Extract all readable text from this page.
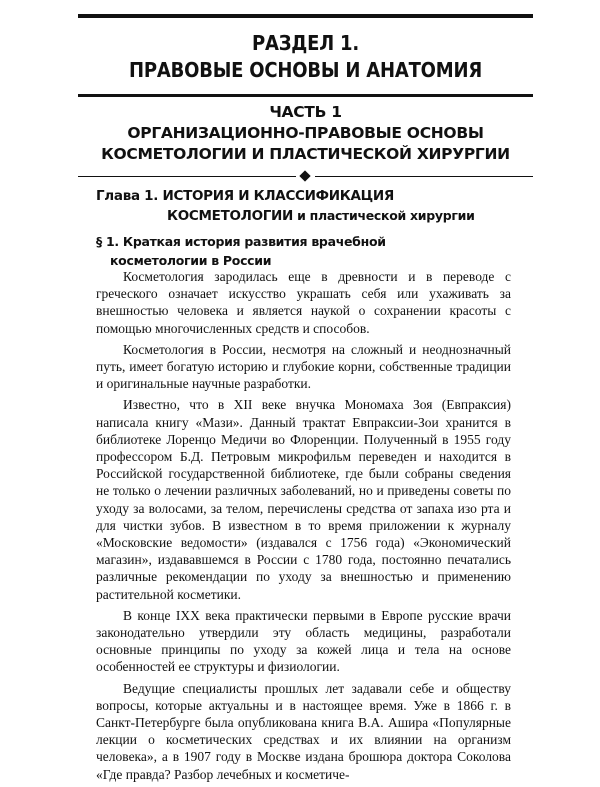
РАЗДЕЛ 1.
ПРАВОВЫЕ ОСНОВЫ И АНАТОМИЯ
ЧАСТЬ 1
ОРГАНИЗАЦИОННО-ПРАВОВЫЕ ОСНОВЫ
КОСМЕТОЛОГИИ И ПЛАСТИЧЕСКОЙ ХИРУРГИИ
Глава 1. ИСТОРИЯ И КЛАССИФИКАЦИЯ
КОСМЕТОЛОГИИ и пластической хирургии
§ 1. Краткая история развития врачебной
косметологии в России

Косметология зародилась еще в древности и в переводе с греческого означает искусство украшать себя или ухаживать за внешностью человека и является наукой о сохранении красоты с помощью многочисленных средств и способов.

Косметология в России, несмотря на сложный и неоднозначный путь, имеет богатую историю и глубокие корни, собственные традиции и оригинальные научные разработки.

Известно, что в XII веке внучка Мономаха Зоя (Евпраксия) написала книгу «Мази». Данный трактат Евпраксии-Зои хранится в библиотеке Лоренцо Медичи во Флоренции. Полученный в 1955 году профессором Б.Д. Петровым микрофильм переведен и находится в Российской государственной библиотеке, где были собраны сведения не только о лечении различных заболеваний, но и приведены советы по уходу за волосами, за телом, перечислены средства от запаха изо рта и для чистки зубов. В известном в то время приложении к журналу «Московские ведомости» (издавался с 1756 года) «Экономический магазин», издававшемся в России с 1780 года, постоянно печатались различные рекомендации по уходу за внешностью и применению растительной косметики.

В конце IXX века практически первыми в Европе русские врачи законодательно утвердили эту область медицины, разработали основные принципы по уходу за кожей лица и тела на основе особенностей ее структуры и физиологии.

Ведущие специалисты прошлых лет задавали себе и обществу вопросы, которые актуальны и в настоящее время. Уже в 1866 г. в Санкт-Петербурге была опубликована книга В.А. Ашира «Популярные лекции о косметических средствах и их влиянии на организм человека», а в 1907 году в Москве издана брошюра доктора Соколова «Где правда? Разбор лечебных и косметиче-
